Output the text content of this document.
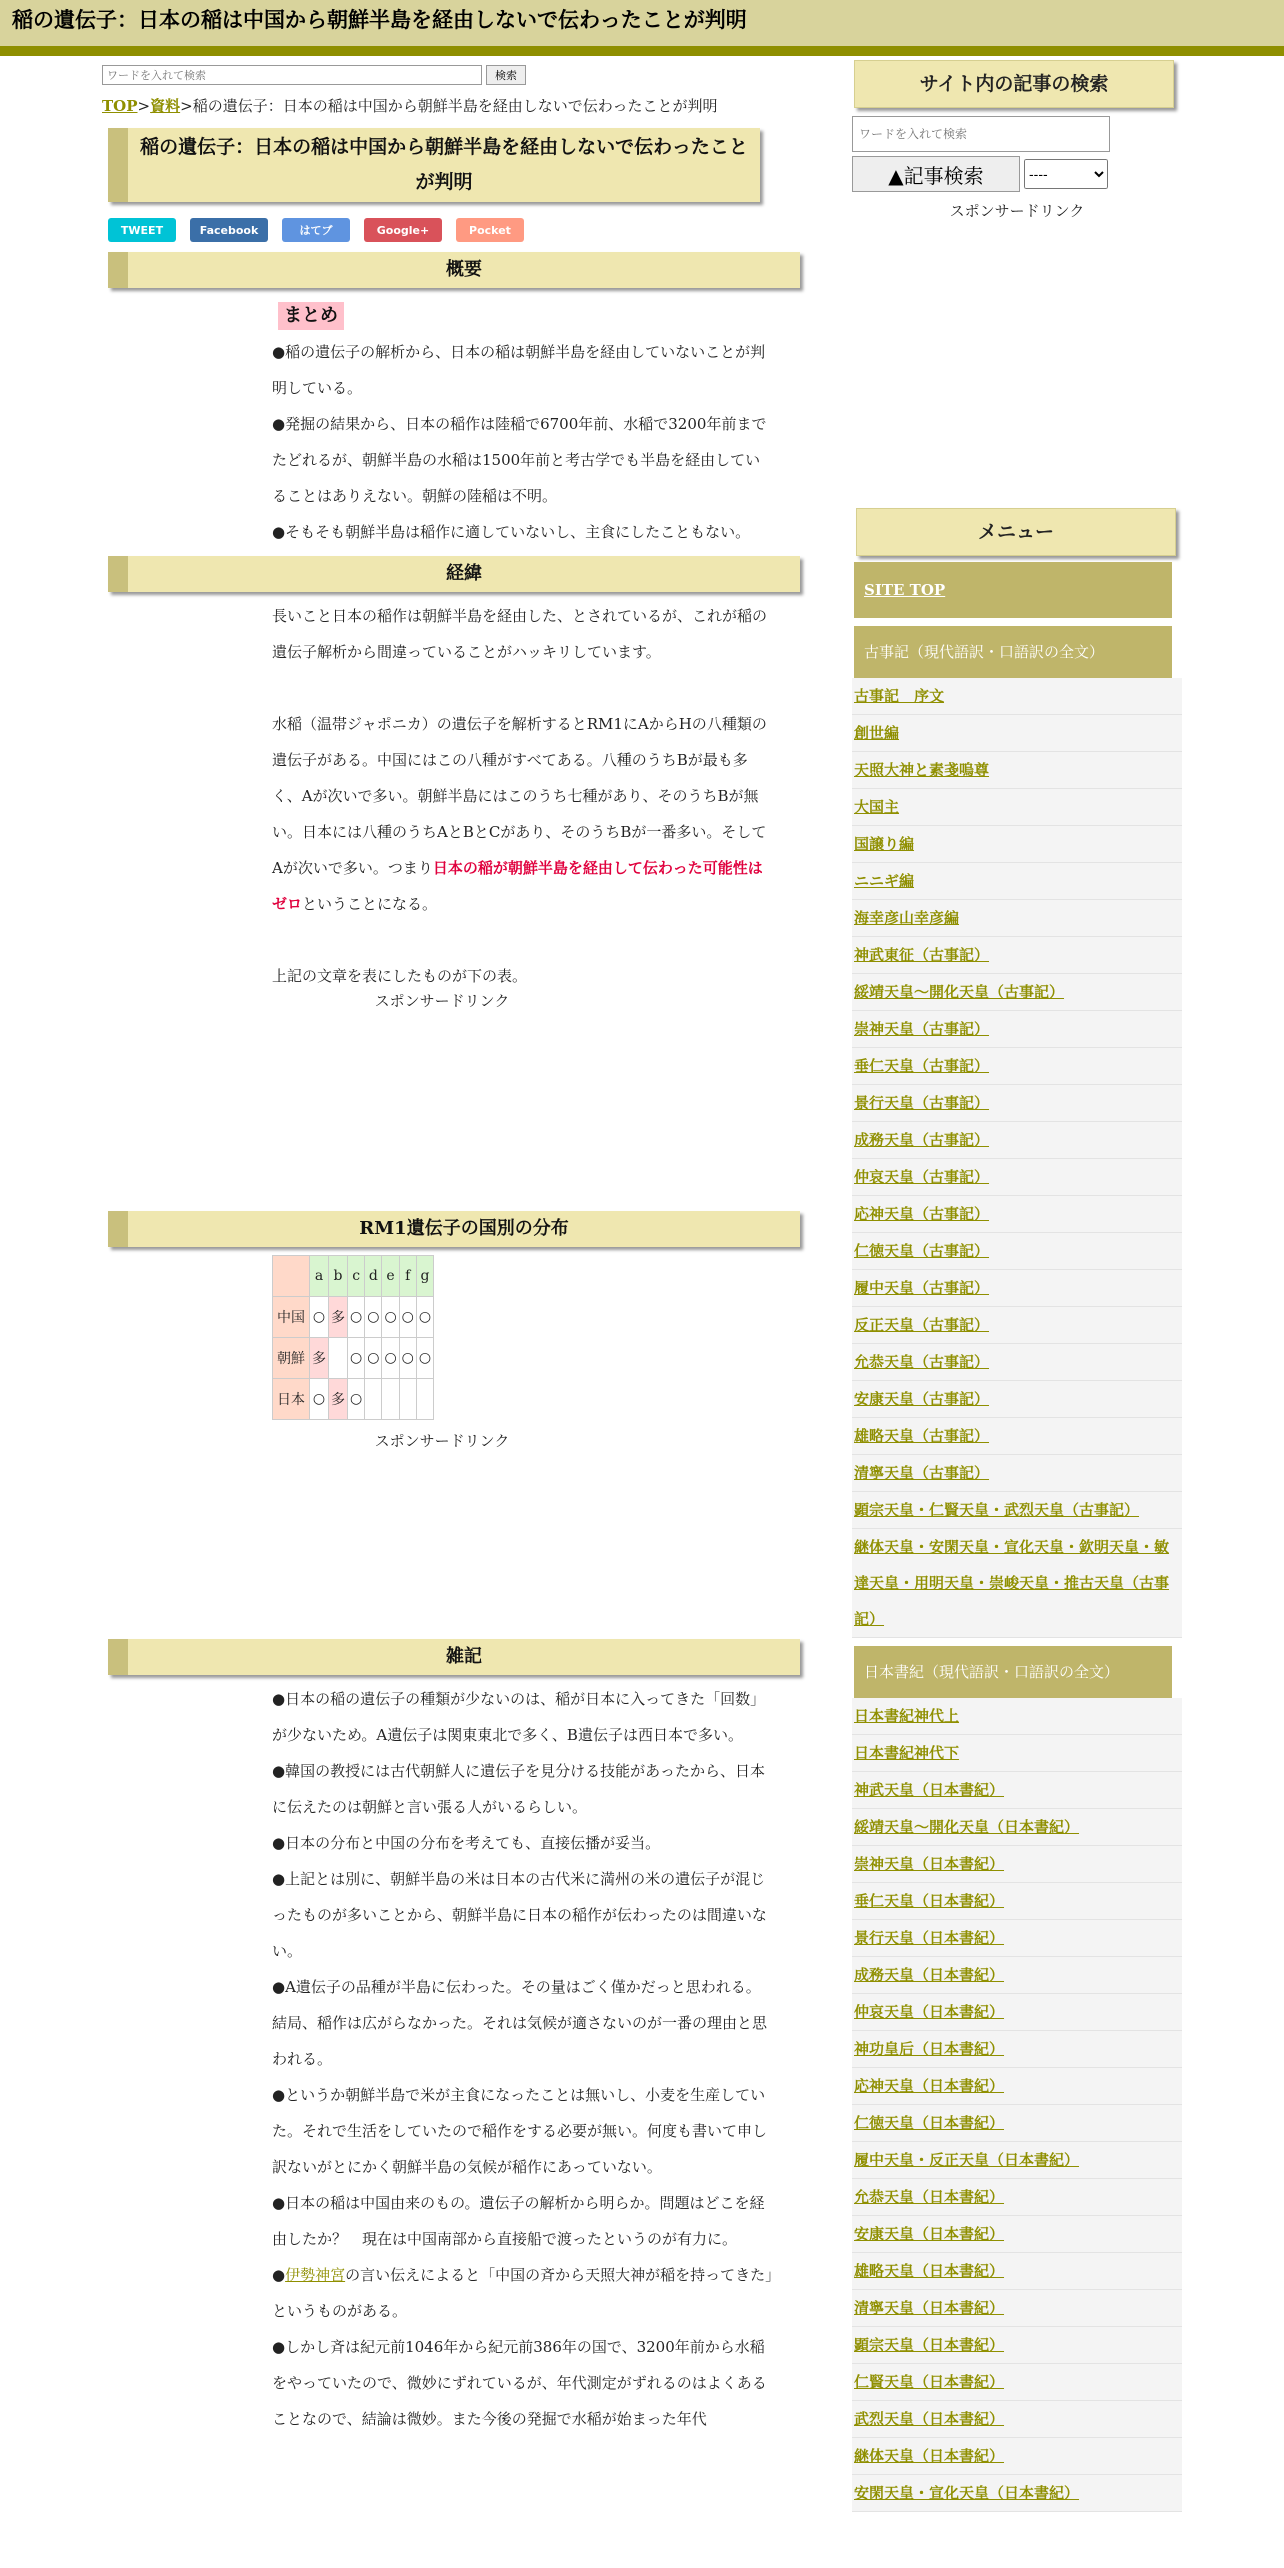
稲の遺伝子：日本の稲は中国から朝鮮半島を経由しないで伝わったことが判明
ワードを入れて検索
検索
TOP>資料>稲の遺伝子：日本の稲は中国から朝鮮半島を経由しないで伝わったことが判明
稲の遺伝子：日本の稲は中国から朝鮮半島を経由しないで伝わったことが判明
TWEET	Facebook	はてブ	Google+	Pocket
概要
まとめ

●稲の遺伝子の解析から、日本の稲は朝鮮半島を経由していないことが判明している。

●発掘の結果から、日本の稲作は陸稲で6700年前、水稲で3200年前までたどれるが、朝鮮半島の水稲は1500年前と考古学でも半島を経由していることはありえない。朝鮮の陸稲は不明。

●そもそも朝鮮半島は稲作に適していないし、主食にしたこともない。

経緯

長いこと日本の稲作は朝鮮半島を経由した、とされているが、これが稲の遺伝子解析から間違っていることがハッキリしています。

水稲（温帯ジャポニカ）の遺伝子を解析するとRM1にAからHの八種類の遺伝子がある。中国にはこの八種がすべてある。八種のうちBが最も多く、Aが次いで多い。朝鮮半島にはこのうち七種があり、そのうちBが無い。日本には八種のうちAとBとCがあり、そのうちBが一番多い。そしてAが次いで多い。つまり日本の稲が朝鮮半島を経由して伝わった可能性はゼロということになる。

上記の文章を表にしたものが下の表。

スポンサードリンク
RM1遺伝子の国別の分布
	a	b	c	d	e	f	g
中国	○	多	○	○	○	○	○
朝鮮	多		○	○	○	○	○
日本	○	多	○				
スポンサードリンク
雑記

●日本の稲の遺伝子の種類が少ないのは、稲が日本に入ってきた「回数」が少ないため。A遺伝子は関東東北で多く、B遺伝子は西日本で多い。

●韓国の教授には古代朝鮮人に遺伝子を見分ける技能があったから、日本に伝えたのは朝鮮と言い張る人がいるらしい。

●日本の分布と中国の分布を考えても、直接伝播が妥当。

●上記とは別に、朝鮮半島の米は日本の古代米に満州の米の遺伝子が混じったものが多いことから、朝鮮半島に日本の稲作が伝わったのは間違いない。

●A遺伝子の品種が半島に伝わった。その量はごく僅かだっと思われる。結局、稲作は広がらなかった。それは気候が適さないのが一番の理由と思われる。

●というか朝鮮半島で米が主食になったことは無いし、小麦を生産していた。それで生活をしていたので稲作をする必要が無い。何度も書いて申し訳ないがとにかく朝鮮半島の気候が稲作にあっていない。

●日本の稲は中国由来のもの。遺伝子の解析から明らか。問題はどこを経由したか？　現在は中国南部から直接船で渡ったというのが有力に。

●伊勢神宮の言い伝えによると「中国の斉から天照大神が稲を持ってきた」というものがある。

●しかし斉は紀元前1046年から紀元前386年の国で、3200年前から水稲をやっていたので、微妙にずれているが、年代測定がずれるのはよくあることなので、結論は微妙。また今後の発掘で水稲が始まった年代

サイト内の記事の検索
ワードを入れて検索
▲記事検索
----
スポンサードリンク
メニュー
SITE TOP
古事記（現代語訳・口語訳の全文）
古事記　序文
創世編
天照大神と素戔嗚尊
大国主
国譲り編
ニニギ編
海幸彦山幸彦編
神武東征（古事記）
綏靖天皇～開化天皇（古事記）
崇神天皇（古事記）
垂仁天皇（古事記）
景行天皇（古事記）
成務天皇（古事記）
仲哀天皇（古事記）
応神天皇（古事記）
仁徳天皇（古事記）
履中天皇（古事記）
反正天皇（古事記）
允恭天皇（古事記）
安康天皇（古事記）
雄略天皇（古事記）
清寧天皇（古事記）
顕宗天皇・仁賢天皇・武烈天皇（古事記）
継体天皇・安閑天皇・宣化天皇・欽明天皇・敏達天皇・用明天皇・崇峻天皇・推古天皇（古事記）
日本書紀（現代語訳・口語訳の全文）
日本書紀神代上
日本書紀神代下
神武天皇（日本書紀）
綏靖天皇～開化天皇（日本書紀）
崇神天皇（日本書紀）
垂仁天皇（日本書紀）
景行天皇（日本書紀）
成務天皇（日本書紀）
仲哀天皇（日本書紀）
神功皇后（日本書紀）
応神天皇（日本書紀）
仁徳天皇（日本書紀）
履中天皇・反正天皇（日本書紀）
允恭天皇（日本書紀）
安康天皇（日本書紀）
雄略天皇（日本書紀）
清寧天皇（日本書紀）
顕宗天皇（日本書紀）
仁賢天皇（日本書紀）
武烈天皇（日本書紀）
継体天皇（日本書紀）
安閑天皇・宣化天皇（日本書紀）
